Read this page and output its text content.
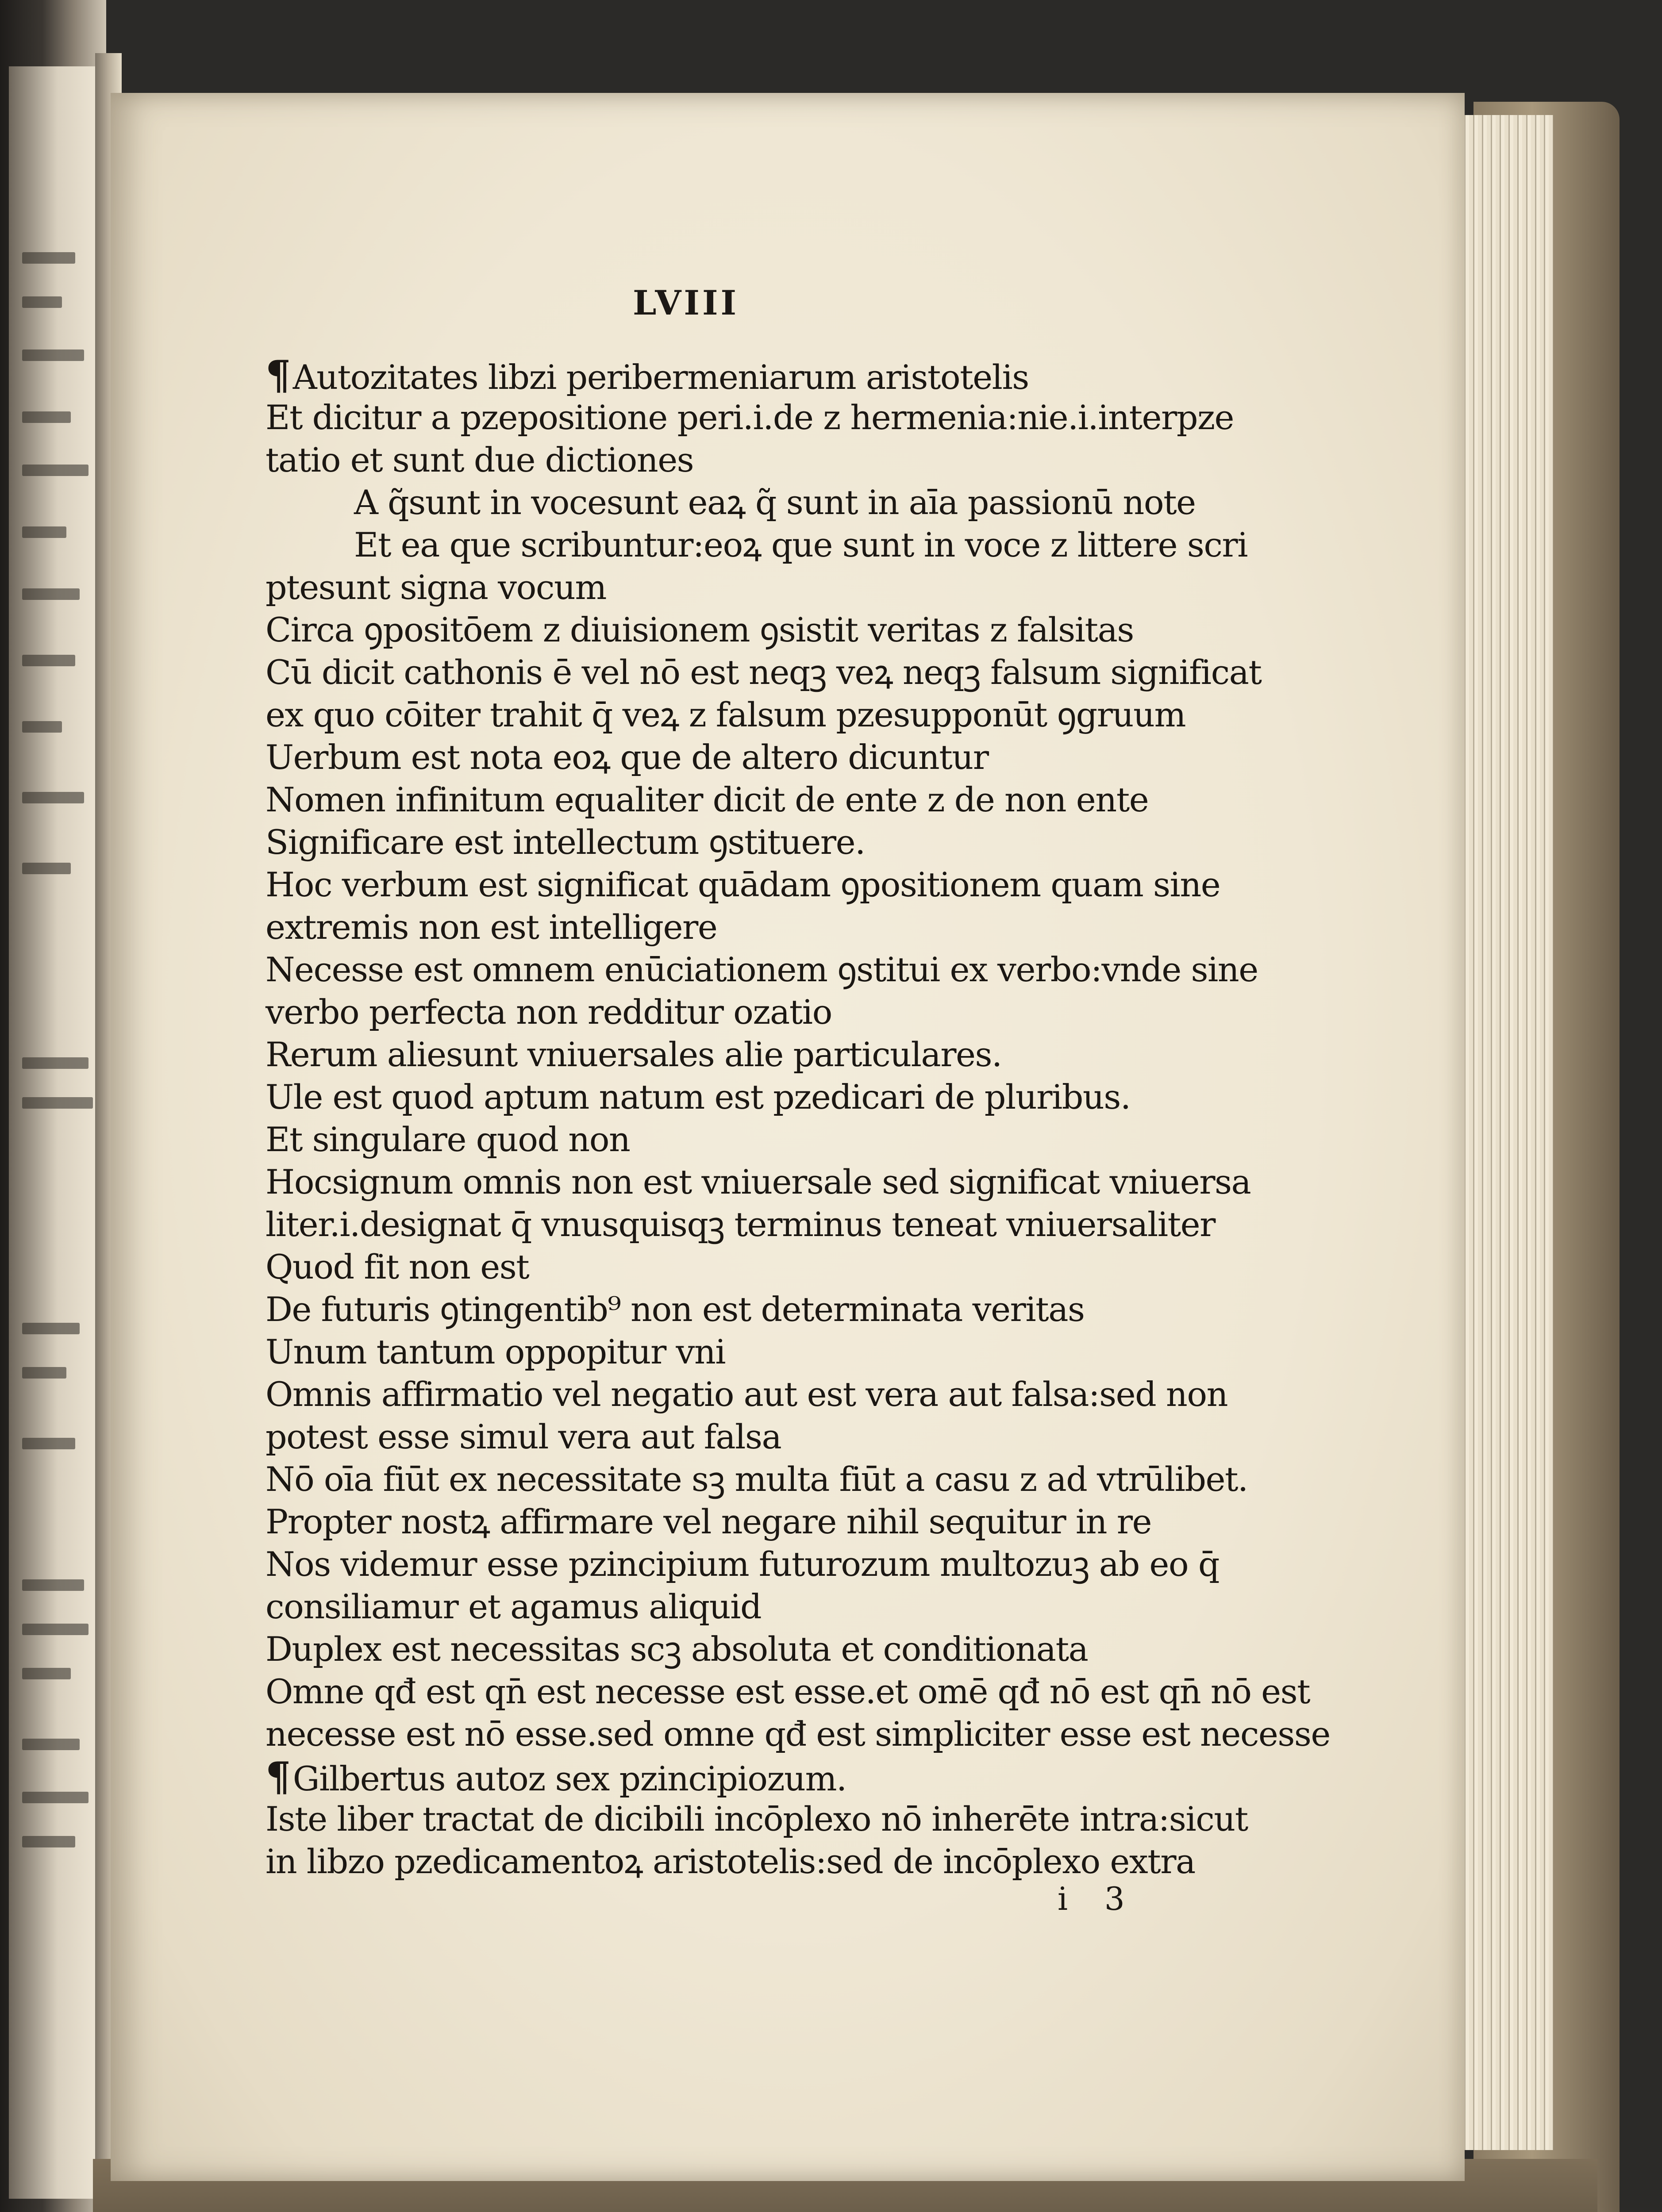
LVIII

¶Autozitates libzi peribermeniarum aristotelis
Et dicitur a pzepositione peri.i.de z hermenia:nie.i.interpze
tatio et sunt due dictiones
A q̃sunt in vocesunt eaꝝ q̃ sunt in aīa passionū note
Et ea que scribuntur:eoꝝ que sunt in voce z littere scri
ptesunt signa vocum
Circa ꝯpositōem z diuisionem ꝯsistit veritas z falsitas
Cū dicit cathonis ē vel nō est neqꝫ veꝝ neqꝫ falsum significat
ex quo cōiter trahit q̄ veꝝ z falsum pzesupponūt ꝯgruum
Uerbum est nota eoꝝ que de altero dicuntur
Nomen infinitum equaliter dicit de ente z de non ente
Significare est intellectum ꝯstituere.
Hoc verbum est significat quādam ꝯpositionem quam sine
extremis non est intelligere
Necesse est omnem enūciationem ꝯstitui ex verbo:vnde sine
verbo perfecta non redditur ozatio
Rerum aliesunt vniuersales alie particulares.
Ule est quod aptum natum est pzedicari de pluribus.
Et singulare quod non
Hocsignum omnis non est vniuersale sed significat vniuersa
liter.i.designat q̄ vnusquisqꝫ terminus teneat vniuersaliter
Quod fit non est
De futuris ꝯtingentib⁹ non est determinata veritas
Unum tantum oppopitur vni
Omnis affirmatio vel negatio aut est vera aut falsa:sed non
potest esse simul vera aut falsa
Nō oīa fiūt ex necessitate sꝫ multa fiūt a casu z ad vtrūlibet.
Propter nostꝝ affirmare vel negare nihil sequitur in re
Nos videmur esse pzincipium futurozum multozuꝫ ab eo q̄
consiliamur et agamus aliquid
Duplex est necessitas scꝫ absoluta et conditionata
Omne qđ est qn̄ est necesse est esse.et omē qđ nō est qn̄ nō est
necesse est nō esse.sed omne qđ est simpliciter esse est necesse
¶Gilbertus autoz sex pzincipiozum.
Iste liber tractat de dicibili incōplexo nō inherēte intra:sicut
in libzo pzedicamentoꝝ aristotelis:sed de incōplexo extra

i 3
